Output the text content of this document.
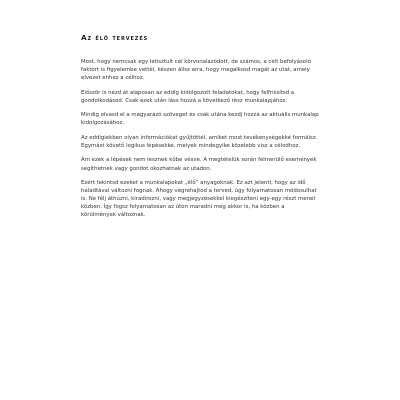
Az élő tervezés

Most, hogy nemcsak egy letisztult cél körvonalazódott, de számos, a célt befolyásoló faktort is figyelembe vettél, készen állsz arra, hogy megalkosd magát az utat, amely elvezet ehhez a célhoz.

Először is nézd át alaposan az eddig kidolgozott feladatokat, hogy felfrissítsd a gondolkodásod. Csak ezek után láss hozzá a következő rész munkalapjához.

Mindig olvasd el a magyarázó szöveget és csak utána kezdj hozzá az aktuális munkalap kidolgozásához.

Az eddigiekben olyan információkat gyűjtöttél, amiket most tevékenységekké formálsz. Egymást követő logikus lépésekké, melyek mindegyike közelebb visz a célodhoz.

Ám ezek a lépések nem lesznek kőbe vésve. A megtételük során felmerülő események segíthetnek vagy gondot okozhatnak az utadon.

Ezért tekintsd ezeket a munkalapokat „élő” anyagoknak. Ez azt jelenti, hogy az idő haladtával változni fognak. Ahogy végrehajtod a terved, úgy folyamatosan módosulhat is. Ne félj áthúzni, kiradírozni, vagy megjegyzésekkel kiegészíteni egy-egy részt menet közben. Így fogsz folyamatosan az úton maradni még akkor is, ha közben a körülmények változnak.
